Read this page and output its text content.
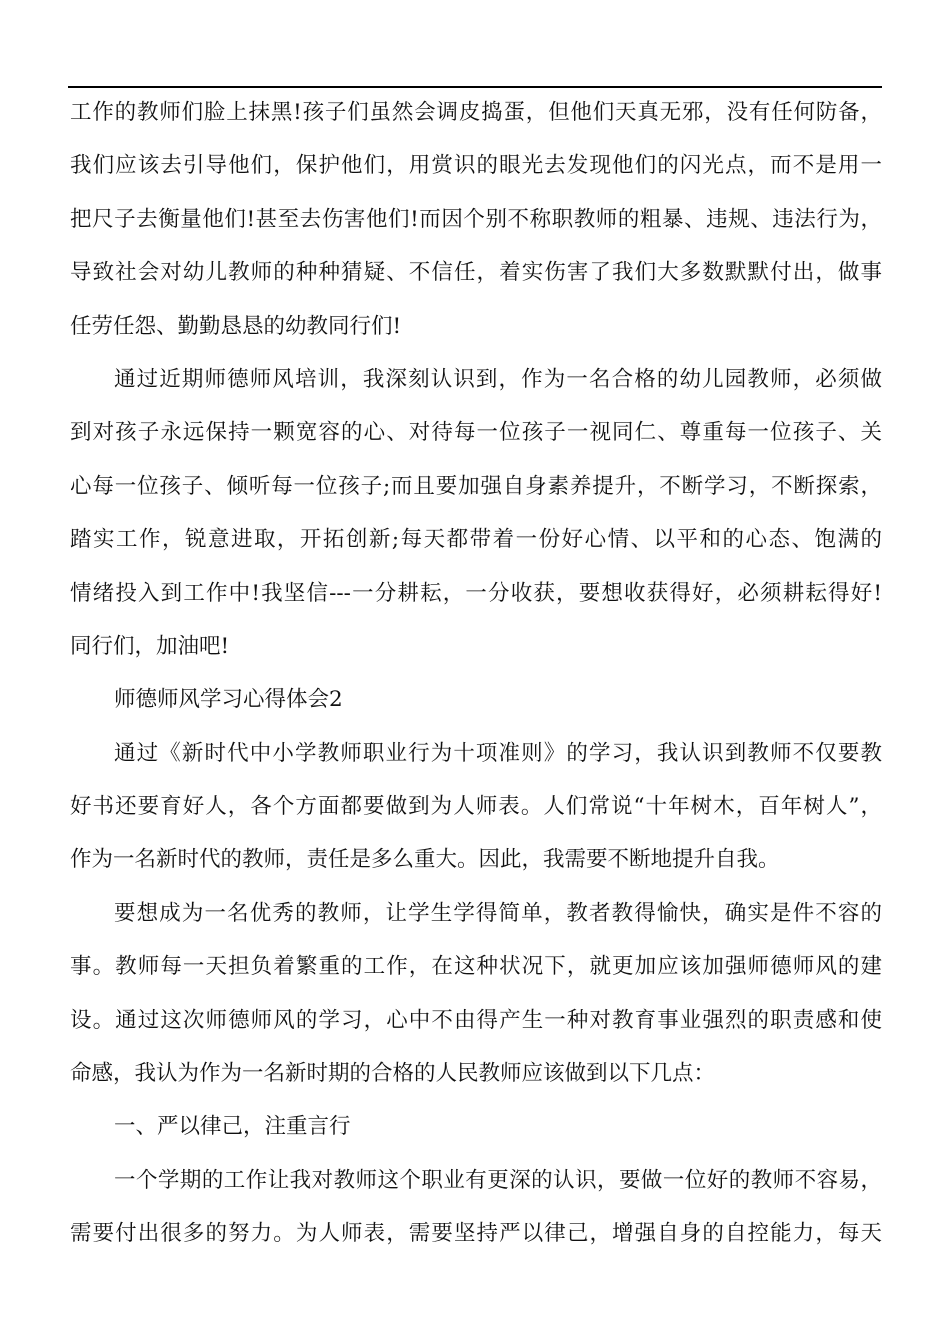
工作的教师们脸上抹黑!孩子们虽然会调皮捣蛋，但他们天真无邪，没有任何防备，
我们应该去引导他们，保护他们，用赏识的眼光去发现他们的闪光点，而不是用一
把尺子去衡量他们!甚至去伤害他们!而因个别不称职教师的粗暴、违规、违法行为，
导致社会对幼儿教师的种种猜疑、不信任，着实伤害了我们大多数默默付出，做事
任劳任怨、勤勤恳恳的幼教同行们!
通过近期师德师风培训，我深刻认识到，作为一名合格的幼儿园教师，必须做
到对孩子永远保持一颗宽容的心、对待每一位孩子一视同仁、尊重每一位孩子、关
心每一位孩子、倾听每一位孩子;而且要加强自身素养提升，不断学习，不断探索，
踏实工作，锐意进取，开拓创新;每天都带着一份好心情、以平和的心态、饱满的
情绪投入到工作中!我坚信---一分耕耘，一分收获，要想收获得好，必须耕耘得好!
同行们，加油吧!
师德师风学习心得体会2
通过《新时代中小学教师职业行为十项准则》的学习，我认识到教师不仅要教
好书还要育好人，各个方面都要做到为人师表。人们常说“十年树木，百年树人”，
作为一名新时代的教师，责任是多么重大。因此，我需要不断地提升自我。
要想成为一名优秀的教师，让学生学得简单，教者教得愉快，确实是件不容的
事。教师每一天担负着繁重的工作，在这种状况下，就更加应该加强师德师风的建
设。通过这次师德师风的学习，心中不由得产生一种对教育事业强烈的职责感和使
命感，我认为作为一名新时期的合格的人民教师应该做到以下几点：
一、严以律己，注重言行
一个学期的工作让我对教师这个职业有更深的认识，要做一位好的教师不容易，
需要付出很多的努力。为人师表，需要坚持严以律己，增强自身的自控能力，每天
